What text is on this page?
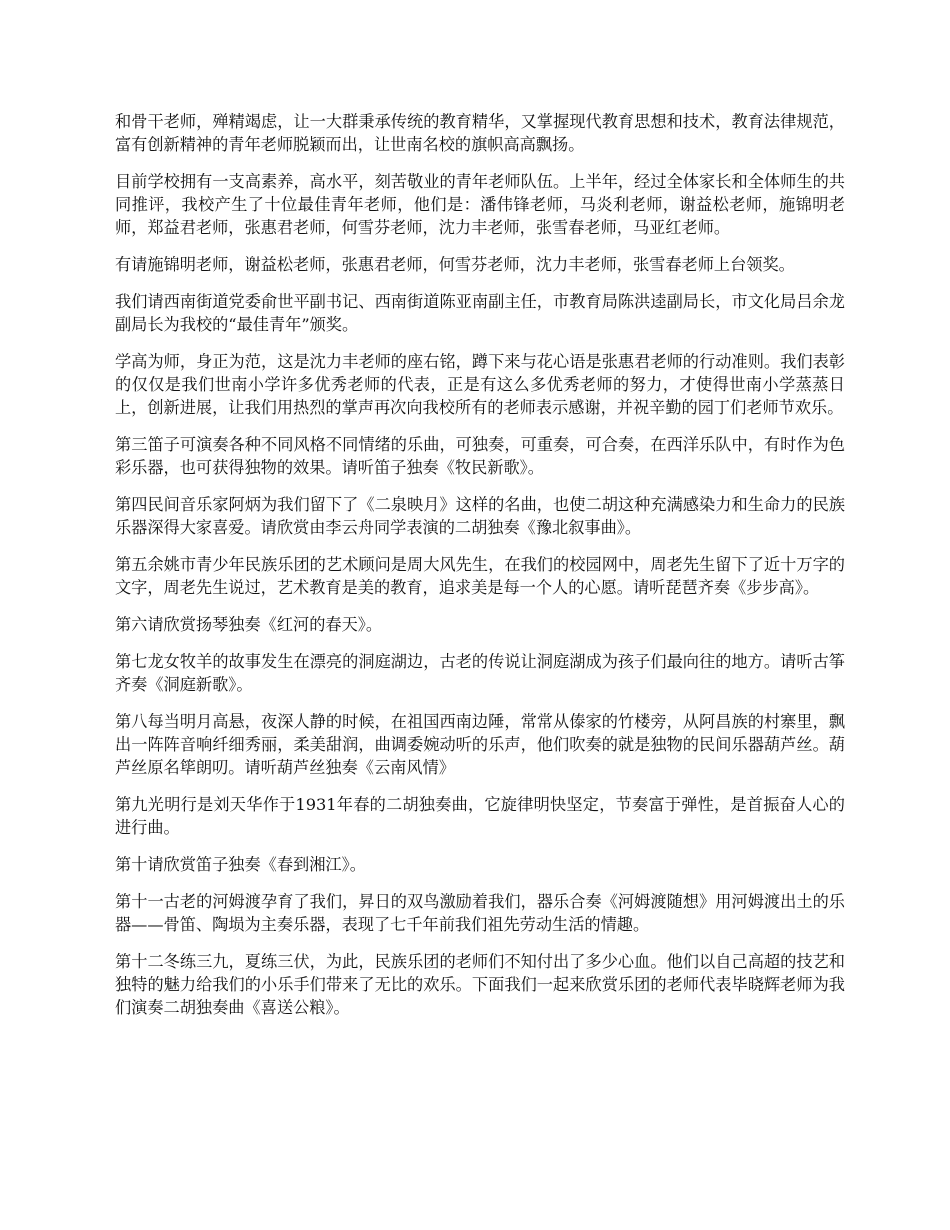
和骨干老师，殚精竭虑，让一大群秉承传统的教育精华，又掌握现代教育思想和技术，教育法律规范，富有创新精神的青年老师脱颖而出，让世南名校的旗帜高高飘扬。

目前学校拥有一支高素养，高水平，刻苦敬业的青年老师队伍。上半年，经过全体家长和全体师生的共同推评，我校产生了十位最佳青年老师，他们是：潘伟锋老师，马炎利老师，谢益松老师，施锦明老师，郑益君老师，张惠君老师，何雪芬老师，沈力丰老师，张雪春老师，马亚红老师。

有请施锦明老师，谢益松老师，张惠君老师，何雪芬老师，沈力丰老师，张雪春老师上台领奖。

我们请西南街道党委俞世平副书记、西南街道陈亚南副主任，市教育局陈洪逵副局长，市文化局吕余龙副局长为我校的“最佳青年”颁奖。

学高为师，身正为范，这是沈力丰老师的座右铭，蹲下来与花心语是张惠君老师的行动准则。我们表彰的仅仅是我们世南小学许多优秀老师的代表，正是有这么多优秀老师的努力，才使得世南小学蒸蒸日上，创新进展，让我们用热烈的掌声再次向我校所有的老师表示感谢，并祝辛勤的园丁们老师节欢乐。

第三笛子可演奏各种不同风格不同情绪的乐曲，可独奏，可重奏，可合奏，在西洋乐队中，有时作为色彩乐器，也可获得独物的效果。请听笛子独奏《牧民新歌》。

第四民间音乐家阿炳为我们留下了《二泉映月》这样的名曲，也使二胡这种充满感染力和生命力的民族乐器深得大家喜爱。请欣赏由李云舟同学表演的二胡独奏《豫北叙事曲》。

第五余姚市青少年民族乐团的艺术顾问是周大风先生，在我们的校园网中，周老先生留下了近十万字的文字，周老先生说过，艺术教育是美的教育，追求美是每一个人的心愿。请听琵琶齐奏《步步高》。

第六请欣赏扬琴独奏《红河的春天》。

第七龙女牧羊的故事发生在漂亮的洞庭湖边，古老的传说让洞庭湖成为孩子们最向往的地方。请听古筝齐奏《洞庭新歌》。

第八每当明月高悬，夜深人静的时候，在祖国西南边陲，常常从傣家的竹楼旁，从阿昌族的村寨里，飘出一阵阵音响纤细秀丽，柔美甜润，曲调委婉动听的乐声，他们吹奏的就是独物的民间乐器葫芦丝。葫芦丝原名筚朗叨。请听葫芦丝独奏《云南风情》

第九光明行是刘天华作于1931年春的二胡独奏曲，它旋律明快坚定，节奏富于弹性，是首振奋人心的进行曲。

第十请欣赏笛子独奏《春到湘江》。

第十一古老的河姆渡孕育了我们，昇日的双鸟激励着我们，器乐合奏《河姆渡随想》用河姆渡出土的乐器——骨笛、陶埙为主奏乐器，表现了七千年前我们祖先劳动生活的情趣。

第十二冬练三九，夏练三伏，为此，民族乐团的老师们不知付出了多少心血。他们以自己高超的技艺和独特的魅力给我们的小乐手们带来了无比的欢乐。下面我们一起来欣赏乐团的老师代表毕晓辉老师为我们演奏二胡独奏曲《喜送公粮》。
